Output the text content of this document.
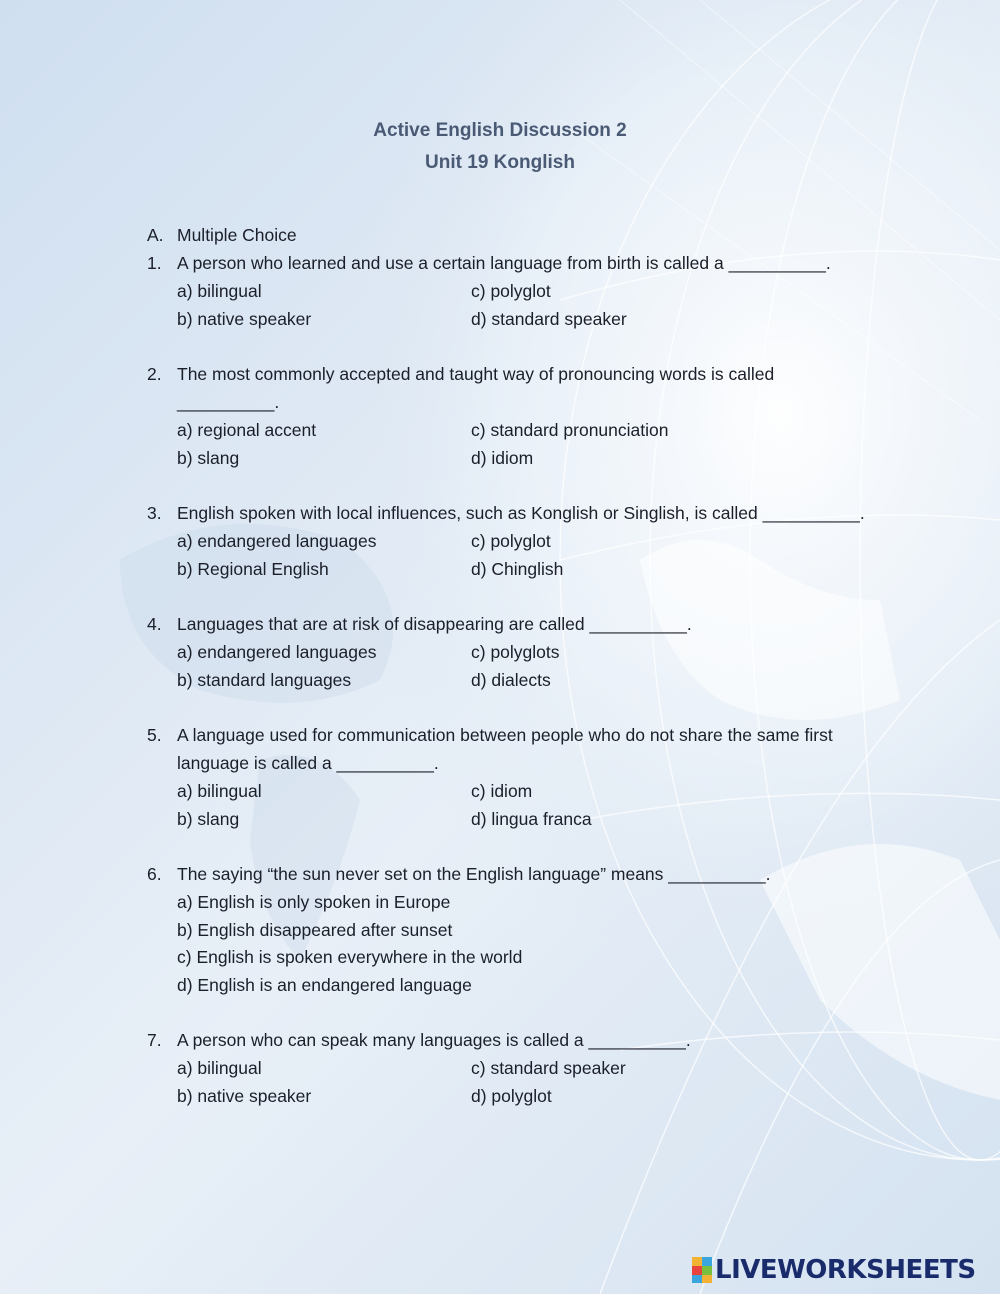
Active English Discussion 2
Unit 19 Konglish
A. Multiple Choice
1. A person who learned and use a certain language from birth is called a __________.
a) bilingual	c) polyglot
b) native speaker	d) standard speaker
2. The most commonly accepted and taught way of pronouncing words is called
__________.
a) regional accent	c) standard pronunciation
b) slang	d) idiom
3. English spoken with local influences, such as Konglish or Singlish, is called __________.
a) endangered languages	c) polyglot
b) Regional English	d) Chinglish
4. Languages that are at risk of disappearing are called __________.
a) endangered languages	c) polyglots
b) standard languages	d) dialects
5. A language used for communication between people who do not share the same first
language is called a __________.
a) bilingual	c) idiom
b) slang	d) lingua franca
6. The saying “the sun never set on the English language” means __________.
a) English is only spoken in Europe
b) English disappeared after sunset
c) English is spoken everywhere in the world
d) English is an endangered language
7. A person who can speak many languages is called a __________.
a) bilingual	c) standard speaker
b) native speaker	d) polyglot
LIVEWORKSHEETS
